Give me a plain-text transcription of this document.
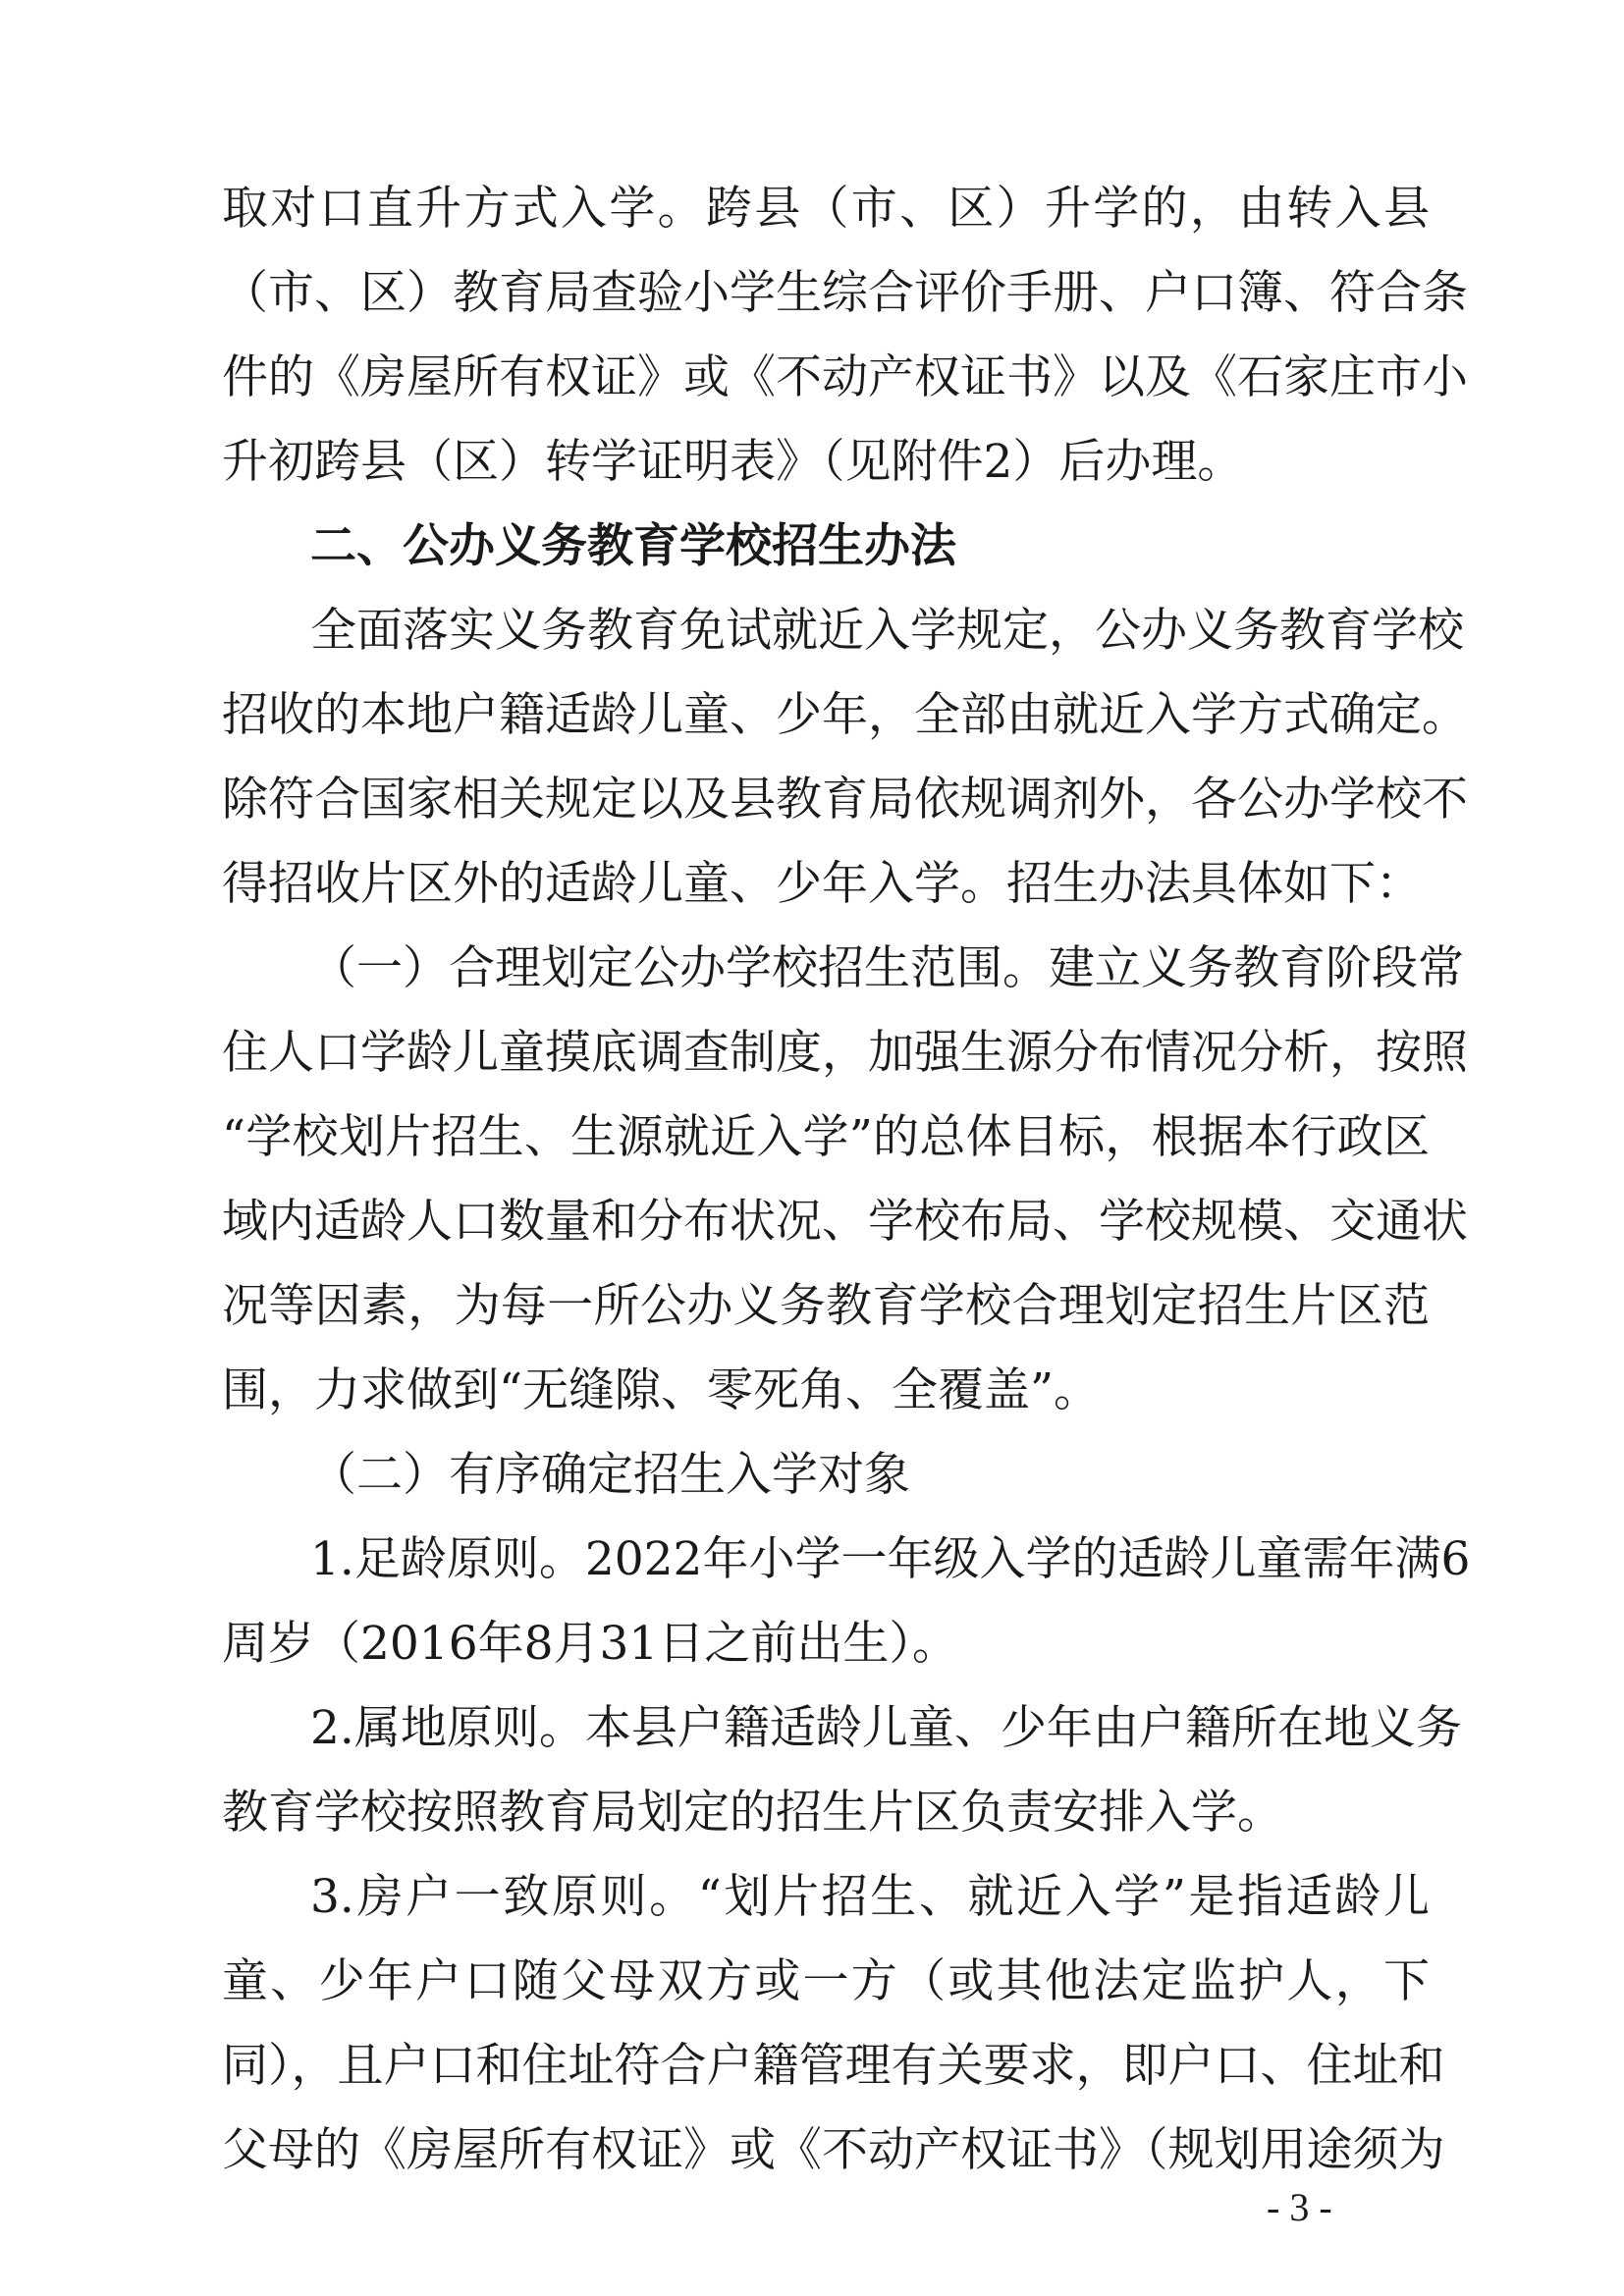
取对口直升方式入学。跨县（市、区）升学的，由转入县
（市、区）教育局查验小学生综合评价手册、户口簿、符合条
件的《房屋所有权证》或《不动产权证书》以及《石家庄市小
升初跨县（区）转学证明表》（见附件2）后办理。
二、公办义务教育学校招生办法
全面落实义务教育免试就近入学规定，公办义务教育学校
招收的本地户籍适龄儿童、少年，全部由就近入学方式确定。
除符合国家相关规定以及县教育局依规调剂外，各公办学校不
得招收片区外的适龄儿童、少年入学。招生办法具体如下：
（一）合理划定公办学校招生范围。建立义务教育阶段常
住人口学龄儿童摸底调查制度，加强生源分布情况分析，按照
“学校划片招生、生源就近入学”的总体目标，根据本行政区
域内适龄人口数量和分布状况、学校布局、学校规模、交通状
况等因素，为每一所公办义务教育学校合理划定招生片区范
围，力求做到“无缝隙、零死角、全覆盖”。
（二）有序确定招生入学对象
1.足龄原则。2022年小学一年级入学的适龄儿童需年满6
周岁（2016年8月31日之前出生）。
2.属地原则。本县户籍适龄儿童、少年由户籍所在地义务
教育学校按照教育局划定的招生片区负责安排入学。
3.房户一致原则。“划片招生、就近入学”是指适龄儿
童、少年户口随父母双方或一方（或其他法定监护人，下
同），且户口和住址符合户籍管理有关要求，即户口、住址和
父母的《房屋所有权证》或《不动产权证书》（规划用途须为
- 3 -
